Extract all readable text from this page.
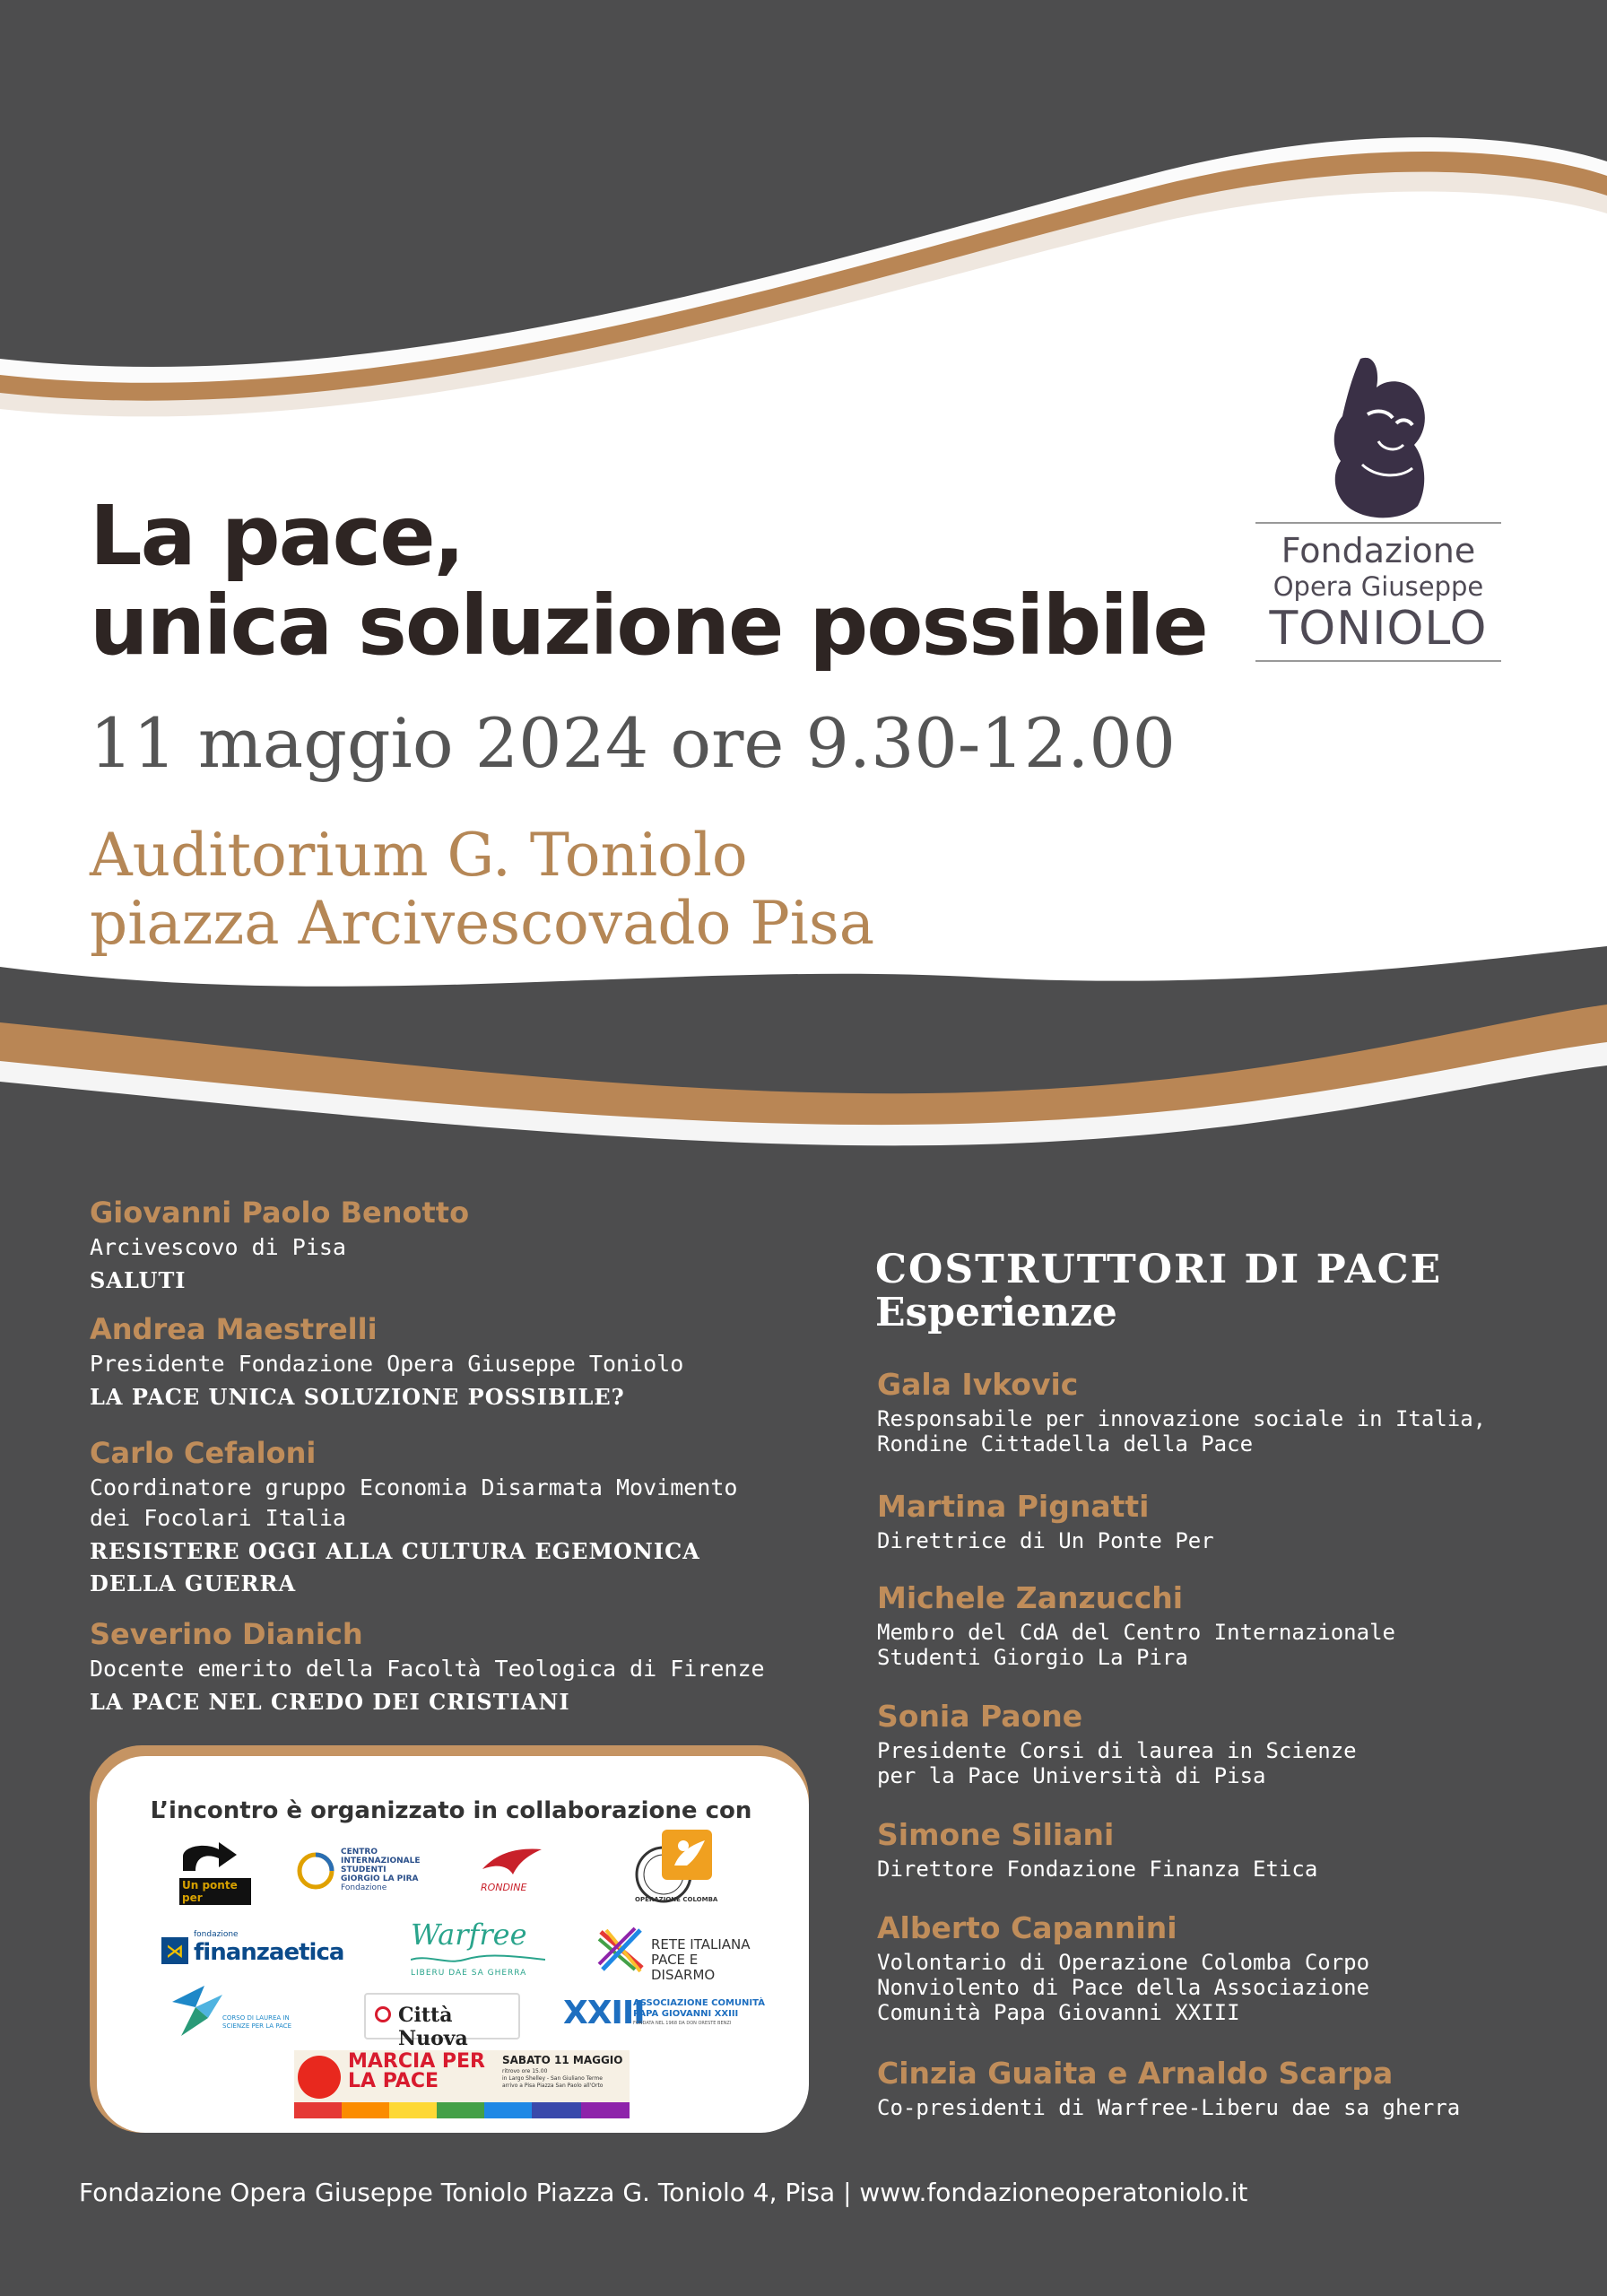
La pace,
unica soluzione possibile
11 maggio 2024 ore 9.30-12.00
Auditorium G. Toniolo
piazza Arcivescovado Pisa
Fondazione
Opera Giuseppe
TONIOLO
Giovanni Paolo Benotto
Arcivescovo di Pisa
SALUTI
Andrea Maestrelli
Presidente Fondazione Opera Giuseppe Toniolo
LA PACE UNICA SOLUZIONE POSSIBILE?
Carlo Cefaloni
Coordinatore gruppo Economia Disarmata Movimento
dei Focolari Italia
RESISTERE OGGI ALLA CULTURA EGEMONICA
DELLA GUERRA
Severino Dianich
Docente emerito della Facoltà Teologica di Firenze
LA PACE NEL CREDO DEI CRISTIANI
COSTRUTTORI DI PACE
Esperienze
Gala Ivkovic
Responsabile per innovazione sociale in Italia,
Rondine Cittadella della Pace
Martina Pignatti
Direttrice di Un Ponte Per
Michele Zanzucchi
Membro del CdA del Centro Internazionale
Studenti Giorgio La Pira
Sonia Paone
Presidente Corsi di laurea in Scienze
per la Pace Università di Pisa
Simone Siliani
Direttore Fondazione Finanza Etica
Alberto Capannini
Volontario di Operazione Colomba Corpo
Nonviolento di Pace della Associazione
Comunità Papa Giovanni XXIII
Cinzia Guaita e Arnaldo Scarpa
Co-presidenti di Warfree-Liberu dae sa gherra
L’incontro è organizzato in collaborazione con
Un ponte per
CENTRO
INTERNAZIONALE
STUDENTI
GIORGIO LA PIRA
Fondazione	RONDINE
OPERAZIONE COLOMBA
⋊
fondazione
finanzaetica
Warfree
LIBERU DAE SA GHERRA
RETE ITALIANA
PACE E DISARMO
CORSO DI LAUREA IN
SCIENZE PER LA PACE	Città Nuova
XXIII
ASSOCIAZIONE COMUNITÀ
PAPA GIOVANNI XXIII
FONDATA NEL 1968 DA DON ORESTE BENZI
MARCIA PER
LA PACE
SABATO 11 MAGGIO
ritrovo ore 15.00
in Largo Shelley - San Giuliano Terme
arrivo a Pisa Piazza San Paolo all'Orto
Fondazione Opera Giuseppe Toniolo Piazza G. Toniolo 4, Pisa | www.fondazioneoperatoniolo.it
